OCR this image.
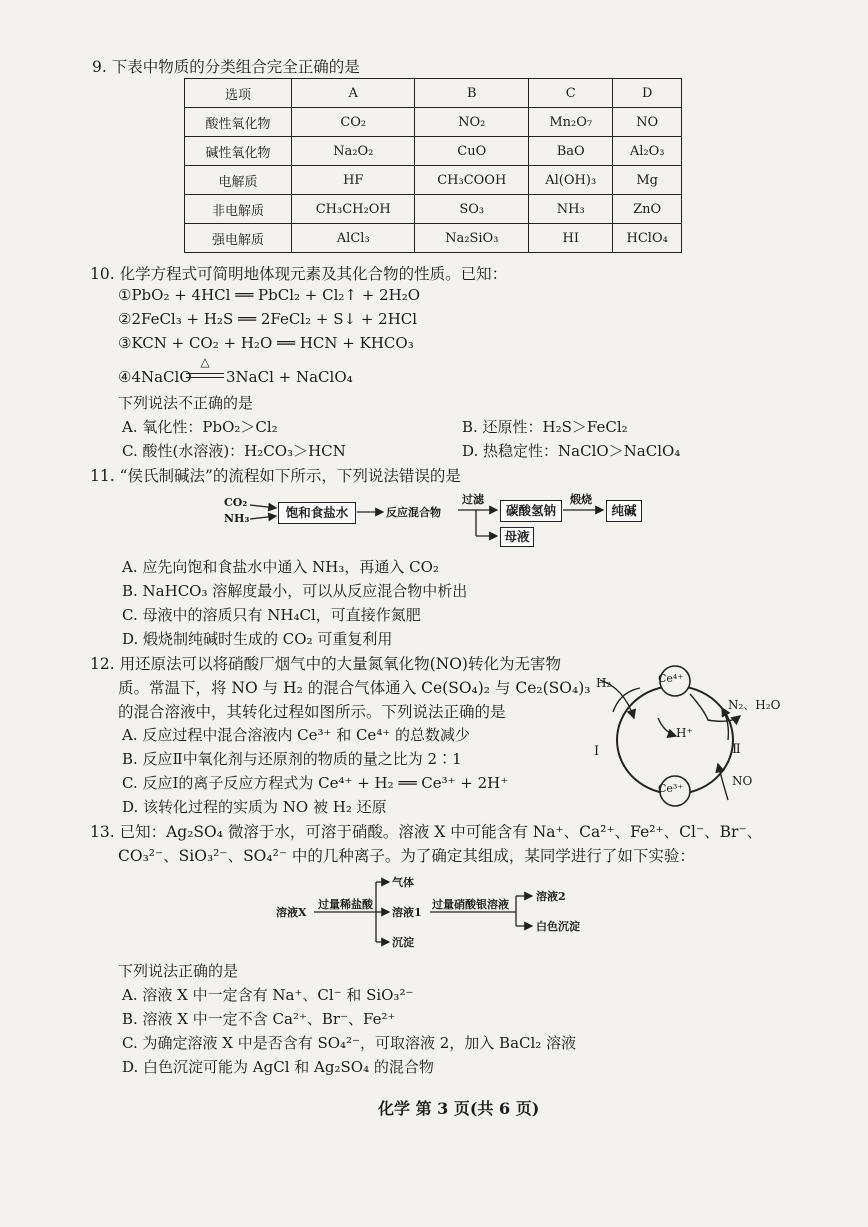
9. 下表中物质的分类组合完全正确的是
选项	A	B	C	D
酸性氧化物	CO₂	NO₂	Mn₂O₇	NO
碱性氧化物	Na₂O₂	CuO	BaO	Al₂O₃
电解质	HF	CH₃COOH	Al(OH)₃	Mg
非电解质	CH₃CH₂OH	SO₃	NH₃	ZnO
强电解质	AlCl₃	Na₂SiO₃	HI	HClO₄
10. 化学方程式可简明地体现元素及其化合物的性质。已知：
①PbO₂ + 4HCl ══ PbCl₂ + Cl₂↑ + 2H₂O
②2FeCl₃ + H₂S ══ 2FeCl₂ + S↓ + 2HCl
③KCN + CO₂ + H₂O ══ HCN + KHCO₃
④4NaClO
△
3NaCl + NaClO₄
下列说法不正确的是
A. 氧化性：PbO₂＞Cl₂	B. 还原性：H₂S＞FeCl₂
C. 酸性(水溶液)：H₂CO₃＞HCN	D. 热稳定性：NaClO＞NaClO₄
11. “侯氏制碱法”的流程如下所示，下列说法错误的是
CO₂
NH₃	饱和食盐水	反应混合物
过滤
碳酸氢钠
煅烧
纯碱
母液
A. 应先向饱和食盐水中通入 NH₃，再通入 CO₂
B. NaHCO₃ 溶解度最小，可以从反应混合物中析出
C. 母液中的溶质只有 NH₄Cl，可直接作氮肥
D. 煅烧制纯碱时生成的 CO₂ 可重复利用
12. 用还原法可以将硝酸厂烟气中的大量氮氧化物(NO)转化为无害物
质。常温下，将 NO 与 H₂ 的混合气体通入 Ce(SO₄)₂ 与 Ce₂(SO₄)₃
的混合溶液中，其转化过程如图所示。下列说法正确的是
A. 反应过程中混合溶液内 Ce³⁺ 和 Ce⁴⁺ 的总数减少
B. 反应Ⅱ中氧化剂与还原剂的物质的量之比为 2∶1
C. 反应Ⅰ的离子反应方程式为 Ce⁴⁺ + H₂ ══ Ce³⁺ + 2H⁺
D. 该转化过程的实质为 NO 被 H₂ 还原
Ce⁴⁺
Ce³⁺
H₂
N₂、H₂O
H⁺
Ⅰ	Ⅱ
NO
13. 已知：Ag₂SO₄ 微溶于水，可溶于硝酸。溶液 X 中可能含有 Na⁺、Ca²⁺、Fe²⁺、Cl⁻、Br⁻、
CO₃²⁻、SiO₃²⁻、SO₄²⁻ 中的几种离子。为了确定其组成，某同学进行了如下实验：
溶液X
过量稀盐酸
气体
溶液1
沉淀
过量硝酸银溶液
溶液2
白色沉淀
下列说法正确的是
A. 溶液 X 中一定含有 Na⁺、Cl⁻ 和 SiO₃²⁻
B. 溶液 X 中一定不含 Ca²⁺、Br⁻、Fe²⁺
C. 为确定溶液 X 中是否含有 SO₄²⁻，可取溶液 2，加入 BaCl₂ 溶液
D. 白色沉淀可能为 AgCl 和 Ag₂SO₄ 的混合物
化学 第 3 页(共 6 页)
